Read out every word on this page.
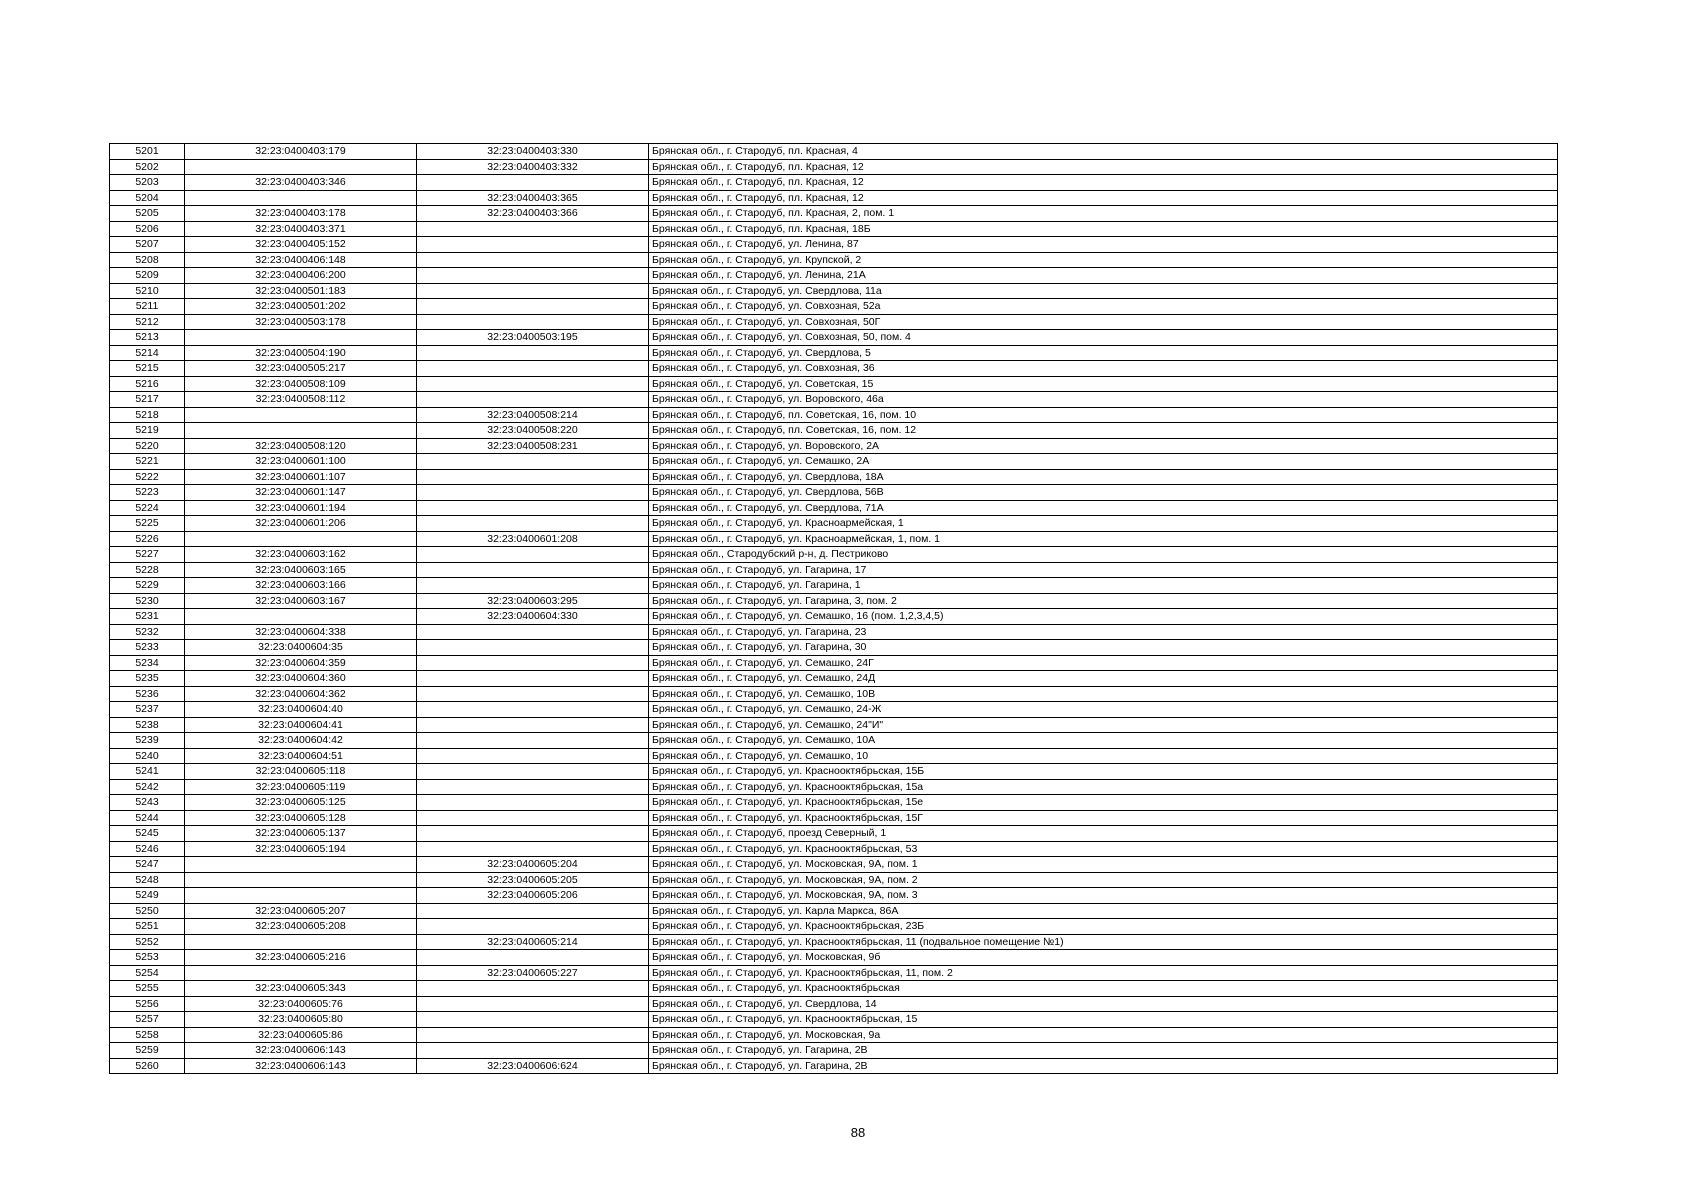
5201	32:23:0400403:179	32:23:0400403:330	Брянская обл., г. Стародуб, пл. Красная, 4
5202		32:23:0400403:332	Брянская обл., г. Стародуб, пл. Красная, 12
5203	32:23:0400403:346		Брянская обл., г. Стародуб, пл. Красная, 12
5204		32:23:0400403:365	Брянская обл., г. Стародуб, пл. Красная, 12
5205	32:23:0400403:178	32:23:0400403:366	Брянская обл., г. Стародуб, пл. Красная, 2, пом. 1
5206	32:23:0400403:371		Брянская обл., г. Стародуб, пл. Красная, 18Б
5207	32:23:0400405:152		Брянская обл., г. Стародуб, ул. Ленина, 87
5208	32:23:0400406:148		Брянская обл., г. Стародуб, ул. Крупской, 2
5209	32:23:0400406:200		Брянская обл., г. Стародуб, ул. Ленина, 21А
5210	32:23:0400501:183		Брянская обл., г. Стародуб, ул. Свердлова, 11а
5211	32:23:0400501:202		Брянская обл., г. Стародуб, ул. Совхозная, 52а
5212	32:23:0400503:178		Брянская обл., г. Стародуб, ул. Совхозная, 50Г
5213		32:23:0400503:195	Брянская обл., г. Стародуб, ул. Совхозная, 50, пом. 4
5214	32:23:0400504:190		Брянская обл., г. Стародуб, ул. Свердлова, 5
5215	32:23:0400505:217		Брянская обл., г. Стародуб, ул. Совхозная, 36
5216	32:23:0400508:109		Брянская обл., г. Стародуб, ул. Советская, 15
5217	32:23:0400508:112		Брянская обл., г. Стародуб, ул. Воровского, 46а
5218		32:23:0400508:214	Брянская обл., г. Стародуб, пл. Советская, 16, пом. 10
5219		32:23:0400508:220	Брянская обл., г. Стародуб, пл. Советская, 16, пом. 12
5220	32:23:0400508:120	32:23:0400508:231	Брянская обл., г. Стародуб, ул. Воровского, 2А
5221	32:23:0400601:100		Брянская обл., г. Стародуб, ул. Семашко, 2А
5222	32:23:0400601:107		Брянская обл., г. Стародуб, ул. Свердлова, 18А
5223	32:23:0400601:147		Брянская обл., г. Стародуб, ул. Свердлова, 56В
5224	32:23:0400601:194		Брянская обл., г. Стародуб, ул. Свердлова, 71А
5225	32:23:0400601:206		Брянская обл., г. Стародуб, ул. Красноармейская, 1
5226		32:23:0400601:208	Брянская обл., г. Стародуб, ул. Красноармейская, 1, пом. 1
5227	32:23:0400603:162		Брянская обл., Стародубский р-н, д. Пестриково
5228	32:23:0400603:165		Брянская обл., г. Стародуб, ул. Гагарина, 17
5229	32:23:0400603:166		Брянская обл., г. Стародуб, ул. Гагарина, 1
5230	32:23:0400603:167	32:23:0400603:295	Брянская обл., г. Стародуб, ул. Гагарина, 3, пом. 2
5231		32:23:0400604:330	Брянская обл., г. Стародуб, ул. Семашко, 16 (пом. 1,2,3,4,5)
5232	32:23:0400604:338		Брянская обл., г. Стародуб, ул. Гагарина, 23
5233	32:23:0400604:35		Брянская обл., г. Стародуб, ул. Гагарина, 30
5234	32:23:0400604:359		Брянская обл., г. Стародуб, ул. Семашко, 24Г
5235	32:23:0400604:360		Брянская обл., г. Стародуб, ул. Семашко, 24Д
5236	32:23:0400604:362		Брянская обл., г. Стародуб, ул. Семашко, 10В
5237	32:23:0400604:40		Брянская обл., г. Стародуб, ул. Семашко, 24-Ж
5238	32:23:0400604:41		Брянская обл., г. Стародуб, ул. Семашко, 24"И"
5239	32:23:0400604:42		Брянская обл., г. Стародуб, ул. Семашко, 10А
5240	32:23:0400604:51		Брянская обл., г. Стародуб, ул. Семашко, 10
5241	32:23:0400605:118		Брянская обл., г. Стародуб, ул. Краснооктябрьская, 15Б
5242	32:23:0400605:119		Брянская обл., г. Стародуб, ул. Краснооктябрьская, 15а
5243	32:23:0400605:125		Брянская обл., г. Стародуб, ул. Краснооктябрьская, 15е
5244	32:23:0400605:128		Брянская обл., г. Стародуб, ул. Краснооктябрьская, 15Г
5245	32:23:0400605:137		Брянская обл., г. Стародуб, проезд Северный, 1
5246	32:23:0400605:194		Брянская обл., г. Стародуб, ул. Краснооктябрьская, 53
5247		32:23:0400605:204	Брянская обл., г. Стародуб, ул. Московская, 9А, пом. 1
5248		32:23:0400605:205	Брянская обл., г. Стародуб, ул. Московская, 9А, пом. 2
5249		32:23:0400605:206	Брянская обл., г. Стародуб, ул. Московская, 9А, пом. 3
5250	32:23:0400605:207		Брянская обл., г. Стародуб, ул. Карла Маркса, 86А
5251	32:23:0400605:208		Брянская обл., г. Стародуб, ул. Краснооктябрьская, 23Б
5252		32:23:0400605:214	Брянская обл., г. Стародуб, ул. Краснооктябрьская, 11 (подвальное помещение №1)
5253	32:23:0400605:216		Брянская обл., г. Стародуб, ул. Московская, 9б
5254		32:23:0400605:227	Брянская обл., г. Стародуб, ул. Краснооктябрьская, 11, пом. 2
5255	32:23:0400605:343		Брянская обл., г. Стародуб, ул. Краснооктябрьская
5256	32:23:0400605:76		Брянская обл., г. Стародуб, ул. Свердлова, 14
5257	32:23:0400605:80		Брянская обл., г. Стародуб, ул. Краснооктябрьская, 15
5258	32:23:0400605:86		Брянская обл., г. Стародуб, ул. Московская, 9а
5259	32:23:0400606:143		Брянская обл., г. Стародуб, ул. Гагарина, 2В
5260	32:23:0400606:143	32:23:0400606:624	Брянская обл., г. Стародуб, ул. Гагарина, 2В
88
